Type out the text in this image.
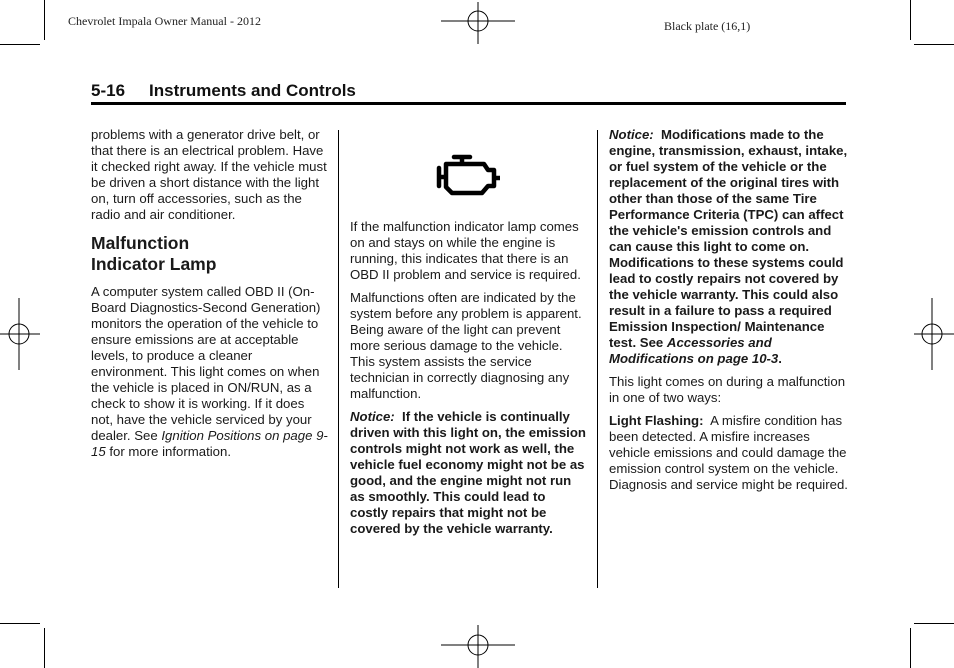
Chevrolet Impala Owner Manual - 2012	Black plate (16,1)
5-16 Instruments and Controls

problems with a generator drive belt, or that there is an electrical problem. Have it checked right away. If the vehicle must be driven a short distance with the light on, turn off accessories, such as the radio and air conditioner.

Malfunction
Indicator Lamp

A computer system called OBD II (On-Board Diagnostics-Second Generation) monitors the operation of the vehicle to ensure emissions are at acceptable levels, to produce a cleaner environment. This light comes on when the vehicle is placed in ON/RUN, as a check to show it is working. If it does not, have the vehicle serviced by your dealer. See Ignition Positions on page 9-15 for more information.

If the malfunction indicator lamp comes on and stays on while the engine is running, this indicates that there is an OBD II problem and service is required.

Malfunctions often are indicated by the system before any problem is apparent. Being aware of the light can prevent more serious damage to the vehicle. This system assists the service technician in correctly diagnosing any malfunction.

Notice: If the vehicle is continually driven with this light on, the emission controls might not work as well, the vehicle fuel economy might not be as good, and the engine might not run as smoothly. This could lead to costly repairs that might not be covered by the vehicle warranty.

Notice: Modifications made to the engine, transmission, exhaust, intake, or fuel system of the vehicle or the replacement of the original tires with other than those of the same Tire Performance Criteria (TPC) can affect the vehicle's emission controls and can cause this light to come on. Modifications to these systems could lead to costly repairs not covered by the vehicle warranty. This could also result in a failure to pass a required Emission Inspection/ Maintenance test. See Accessories and Modifications on page 10-3.

This light comes on during a malfunction in one of two ways:

Light Flashing: A misfire condition has been detected. A misfire increases vehicle emissions and could damage the emission control system on the vehicle. Diagnosis and service might be required.
